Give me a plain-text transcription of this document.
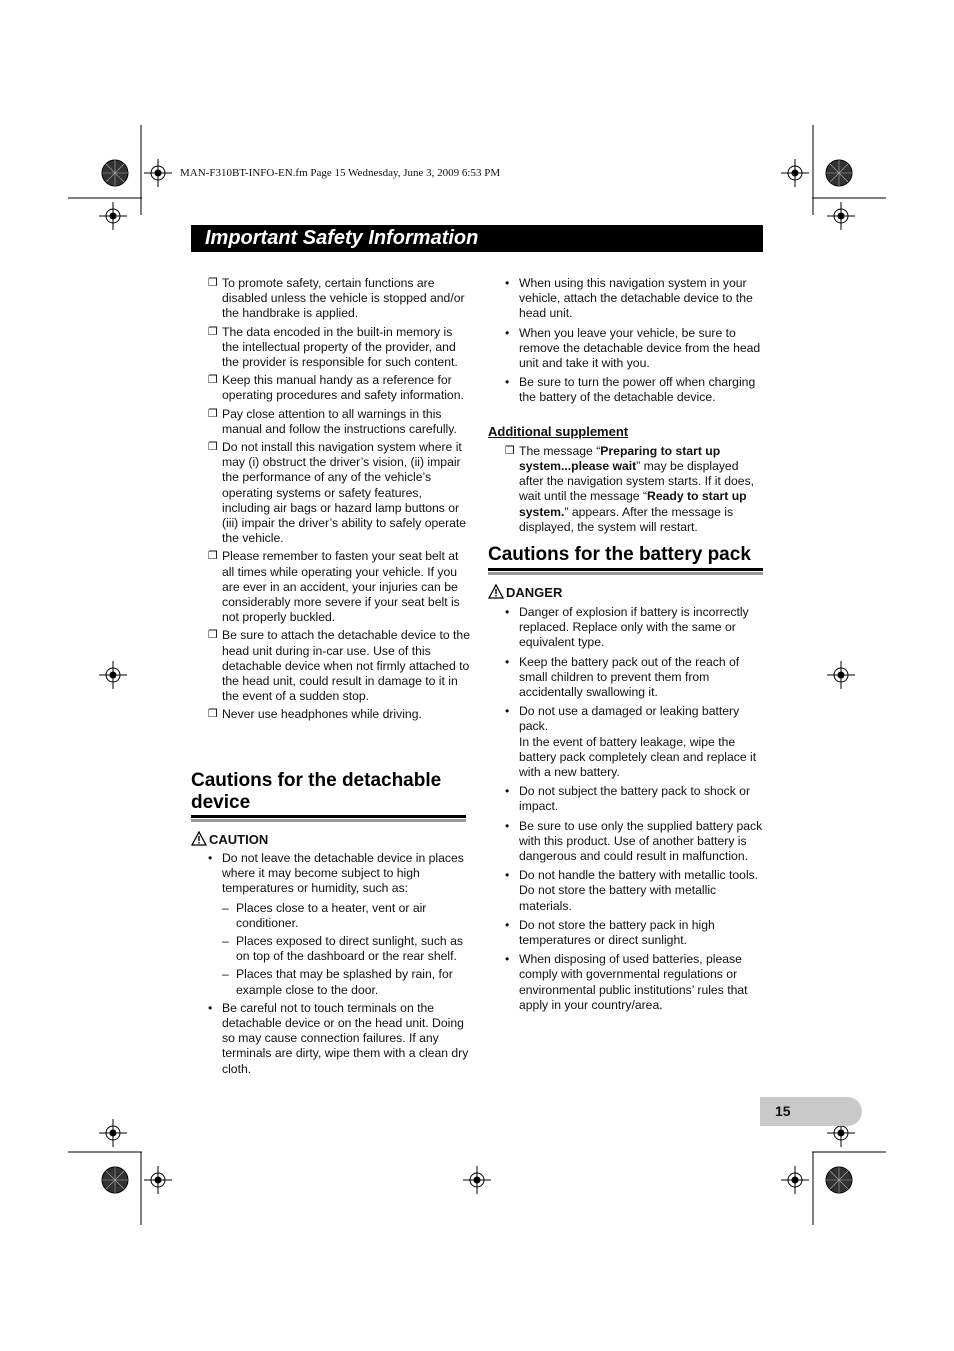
MAN-F310BT-INFO-EN.fm Page 15 Wednesday, June 3, 2009 6:53 PM
Important Safety Information
❐ To promote safety, certain functions are disabled unless the vehicle is stopped and/or the handbrake is applied.
❐ The data encoded in the built-in memory is the intellectual property of the provider, and the provider is responsible for such content.
❐ Keep this manual handy as a reference for operating procedures and safety information.
❐ Pay close attention to all warnings in this manual and follow the instructions carefully.
❐ Do not install this navigation system where it may (i) obstruct the driver’s vision, (ii) impair the performance of any of the vehicle’s operating systems or safety features, including air bags or hazard lamp buttons or (iii) impair the driver’s ability to safely operate the vehicle.
❐ Please remember to fasten your seat belt at all times while operating your vehicle. If you are ever in an accident, your injuries can be considerably more severe if your seat belt is not properly buckled.
❐ Be sure to attach the detachable device to the head unit during in-car use. Use of this detachable device when not firmly attached to the head unit, could result in damage to it in the event of a sudden stop.
❐ Never use headphones while driving.
Cautions for the detachable device
CAUTION
• Do not leave the detachable device in places where it may become subject to high temperatures or humidity, such as:
– Places close to a heater, vent or air conditioner.
– Places exposed to direct sunlight, such as on top of the dashboard or the rear shelf.
– Places that may be splashed by rain, for example close to the door.
• Be careful not to touch terminals on the detachable device or on the head unit. Doing so may cause connection failures. If any terminals are dirty, wipe them with a clean dry cloth.
• When using this navigation system in your vehicle, attach the detachable device to the head unit.
• When you leave your vehicle, be sure to remove the detachable device from the head unit and take it with you.
• Be sure to turn the power off when charging the battery of the detachable device.
Additional supplement
❐ The message “Preparing to start up system...please wait” may be displayed after the navigation system starts. If it does, wait until the message “Ready to start up system.” appears. After the message is displayed, the system will restart.
Cautions for the battery pack
DANGER
• Danger of explosion if battery is incorrectly replaced. Replace only with the same or equivalent type.
• Keep the battery pack out of the reach of small children to prevent them from accidentally swallowing it.
• Do not use a damaged or leaking battery pack.
In the event of battery leakage, wipe the battery pack completely clean and replace it with a new battery.
• Do not subject the battery pack to shock or impact.
• Be sure to use only the supplied battery pack with this product. Use of another battery is dangerous and could result in malfunction.
• Do not handle the battery with metallic tools.
Do not store the battery with metallic materials.
• Do not store the battery pack in high temperatures or direct sunlight.
• When disposing of used batteries, please comply with governmental regulations or environmental public institutions’ rules that apply in your country/area.
15
